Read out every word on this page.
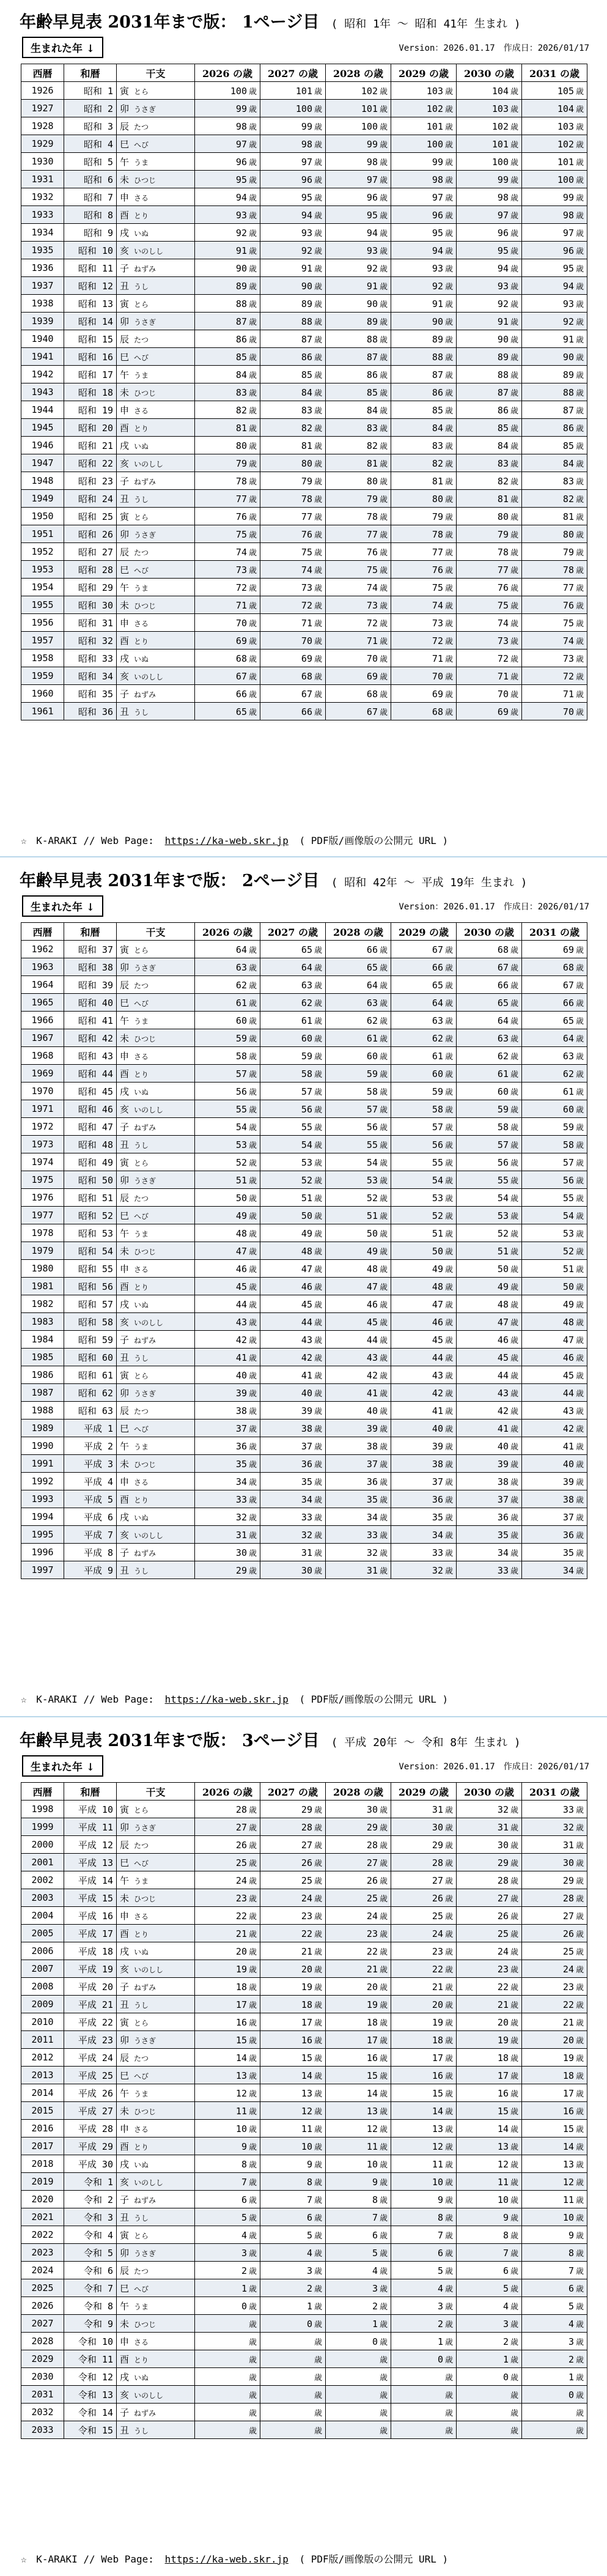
年齢早見表 2031年まで版： 1ページ目 ( 昭和 1年 ～ 昭和 41年 生まれ )
生まれた年 ↓	Version：2026.01.17　作成日：2026/01/17
西暦	和暦	干支	2026 の歳	2027 の歳	2028 の歳	2029 の歳	2030 の歳	2031 の歳
1926	昭和 1	寅 とら	100 歳	101 歳	102 歳	103 歳	104 歳	105 歳
1927	昭和 2	卯 うさぎ	99 歳	100 歳	101 歳	102 歳	103 歳	104 歳
1928	昭和 3	辰 たつ	98 歳	99 歳	100 歳	101 歳	102 歳	103 歳
1929	昭和 4	巳 へび	97 歳	98 歳	99 歳	100 歳	101 歳	102 歳
1930	昭和 5	午 うま	96 歳	97 歳	98 歳	99 歳	100 歳	101 歳
1931	昭和 6	未 ひつじ	95 歳	96 歳	97 歳	98 歳	99 歳	100 歳
1932	昭和 7	申 さる	94 歳	95 歳	96 歳	97 歳	98 歳	99 歳
1933	昭和 8	酉 とり	93 歳	94 歳	95 歳	96 歳	97 歳	98 歳
1934	昭和 9	戌 いぬ	92 歳	93 歳	94 歳	95 歳	96 歳	97 歳
1935	昭和 10	亥 いのしし	91 歳	92 歳	93 歳	94 歳	95 歳	96 歳
1936	昭和 11	子 ねずみ	90 歳	91 歳	92 歳	93 歳	94 歳	95 歳
1937	昭和 12	丑 うし	89 歳	90 歳	91 歳	92 歳	93 歳	94 歳
1938	昭和 13	寅 とら	88 歳	89 歳	90 歳	91 歳	92 歳	93 歳
1939	昭和 14	卯 うさぎ	87 歳	88 歳	89 歳	90 歳	91 歳	92 歳
1940	昭和 15	辰 たつ	86 歳	87 歳	88 歳	89 歳	90 歳	91 歳
1941	昭和 16	巳 へび	85 歳	86 歳	87 歳	88 歳	89 歳	90 歳
1942	昭和 17	午 うま	84 歳	85 歳	86 歳	87 歳	88 歳	89 歳
1943	昭和 18	未 ひつじ	83 歳	84 歳	85 歳	86 歳	87 歳	88 歳
1944	昭和 19	申 さる	82 歳	83 歳	84 歳	85 歳	86 歳	87 歳
1945	昭和 20	酉 とり	81 歳	82 歳	83 歳	84 歳	85 歳	86 歳
1946	昭和 21	戌 いぬ	80 歳	81 歳	82 歳	83 歳	84 歳	85 歳
1947	昭和 22	亥 いのしし	79 歳	80 歳	81 歳	82 歳	83 歳	84 歳
1948	昭和 23	子 ねずみ	78 歳	79 歳	80 歳	81 歳	82 歳	83 歳
1949	昭和 24	丑 うし	77 歳	78 歳	79 歳	80 歳	81 歳	82 歳
1950	昭和 25	寅 とら	76 歳	77 歳	78 歳	79 歳	80 歳	81 歳
1951	昭和 26	卯 うさぎ	75 歳	76 歳	77 歳	78 歳	79 歳	80 歳
1952	昭和 27	辰 たつ	74 歳	75 歳	76 歳	77 歳	78 歳	79 歳
1953	昭和 28	巳 へび	73 歳	74 歳	75 歳	76 歳	77 歳	78 歳
1954	昭和 29	午 うま	72 歳	73 歳	74 歳	75 歳	76 歳	77 歳
1955	昭和 30	未 ひつじ	71 歳	72 歳	73 歳	74 歳	75 歳	76 歳
1956	昭和 31	申 さる	70 歳	71 歳	72 歳	73 歳	74 歳	75 歳
1957	昭和 32	酉 とり	69 歳	70 歳	71 歳	72 歳	73 歳	74 歳
1958	昭和 33	戌 いぬ	68 歳	69 歳	70 歳	71 歳	72 歳	73 歳
1959	昭和 34	亥 いのしし	67 歳	68 歳	69 歳	70 歳	71 歳	72 歳
1960	昭和 35	子 ねずみ	66 歳	67 歳	68 歳	69 歳	70 歳	71 歳
1961	昭和 36	丑 うし	65 歳	66 歳	67 歳	68 歳	69 歳	70 歳
☆ K-ARAKI // Web Page: https://ka-web.skr.jp ( PDF版/画像版の公開元 URL )
年齢早見表 2031年まで版： 2ページ目 ( 昭和 42年 ～ 平成 19年 生まれ )
生まれた年 ↓	Version：2026.01.17　作成日：2026/01/17
西暦	和暦	干支	2026 の歳	2027 の歳	2028 の歳	2029 の歳	2030 の歳	2031 の歳
1962	昭和 37	寅 とら	64 歳	65 歳	66 歳	67 歳	68 歳	69 歳
1963	昭和 38	卯 うさぎ	63 歳	64 歳	65 歳	66 歳	67 歳	68 歳
1964	昭和 39	辰 たつ	62 歳	63 歳	64 歳	65 歳	66 歳	67 歳
1965	昭和 40	巳 へび	61 歳	62 歳	63 歳	64 歳	65 歳	66 歳
1966	昭和 41	午 うま	60 歳	61 歳	62 歳	63 歳	64 歳	65 歳
1967	昭和 42	未 ひつじ	59 歳	60 歳	61 歳	62 歳	63 歳	64 歳
1968	昭和 43	申 さる	58 歳	59 歳	60 歳	61 歳	62 歳	63 歳
1969	昭和 44	酉 とり	57 歳	58 歳	59 歳	60 歳	61 歳	62 歳
1970	昭和 45	戌 いぬ	56 歳	57 歳	58 歳	59 歳	60 歳	61 歳
1971	昭和 46	亥 いのしし	55 歳	56 歳	57 歳	58 歳	59 歳	60 歳
1972	昭和 47	子 ねずみ	54 歳	55 歳	56 歳	57 歳	58 歳	59 歳
1973	昭和 48	丑 うし	53 歳	54 歳	55 歳	56 歳	57 歳	58 歳
1974	昭和 49	寅 とら	52 歳	53 歳	54 歳	55 歳	56 歳	57 歳
1975	昭和 50	卯 うさぎ	51 歳	52 歳	53 歳	54 歳	55 歳	56 歳
1976	昭和 51	辰 たつ	50 歳	51 歳	52 歳	53 歳	54 歳	55 歳
1977	昭和 52	巳 へび	49 歳	50 歳	51 歳	52 歳	53 歳	54 歳
1978	昭和 53	午 うま	48 歳	49 歳	50 歳	51 歳	52 歳	53 歳
1979	昭和 54	未 ひつじ	47 歳	48 歳	49 歳	50 歳	51 歳	52 歳
1980	昭和 55	申 さる	46 歳	47 歳	48 歳	49 歳	50 歳	51 歳
1981	昭和 56	酉 とり	45 歳	46 歳	47 歳	48 歳	49 歳	50 歳
1982	昭和 57	戌 いぬ	44 歳	45 歳	46 歳	47 歳	48 歳	49 歳
1983	昭和 58	亥 いのしし	43 歳	44 歳	45 歳	46 歳	47 歳	48 歳
1984	昭和 59	子 ねずみ	42 歳	43 歳	44 歳	45 歳	46 歳	47 歳
1985	昭和 60	丑 うし	41 歳	42 歳	43 歳	44 歳	45 歳	46 歳
1986	昭和 61	寅 とら	40 歳	41 歳	42 歳	43 歳	44 歳	45 歳
1987	昭和 62	卯 うさぎ	39 歳	40 歳	41 歳	42 歳	43 歳	44 歳
1988	昭和 63	辰 たつ	38 歳	39 歳	40 歳	41 歳	42 歳	43 歳
1989	平成 1	巳 へび	37 歳	38 歳	39 歳	40 歳	41 歳	42 歳
1990	平成 2	午 うま	36 歳	37 歳	38 歳	39 歳	40 歳	41 歳
1991	平成 3	未 ひつじ	35 歳	36 歳	37 歳	38 歳	39 歳	40 歳
1992	平成 4	申 さる	34 歳	35 歳	36 歳	37 歳	38 歳	39 歳
1993	平成 5	酉 とり	33 歳	34 歳	35 歳	36 歳	37 歳	38 歳
1994	平成 6	戌 いぬ	32 歳	33 歳	34 歳	35 歳	36 歳	37 歳
1995	平成 7	亥 いのしし	31 歳	32 歳	33 歳	34 歳	35 歳	36 歳
1996	平成 8	子 ねずみ	30 歳	31 歳	32 歳	33 歳	34 歳	35 歳
1997	平成 9	丑 うし	29 歳	30 歳	31 歳	32 歳	33 歳	34 歳
☆ K-ARAKI // Web Page: https://ka-web.skr.jp ( PDF版/画像版の公開元 URL )
年齢早見表 2031年まで版： 3ページ目 ( 平成 20年 ～ 令和 8年 生まれ )
生まれた年 ↓	Version：2026.01.17　作成日：2026/01/17
西暦	和暦	干支	2026 の歳	2027 の歳	2028 の歳	2029 の歳	2030 の歳	2031 の歳
1998	平成 10	寅 とら	28 歳	29 歳	30 歳	31 歳	32 歳	33 歳
1999	平成 11	卯 うさぎ	27 歳	28 歳	29 歳	30 歳	31 歳	32 歳
2000	平成 12	辰 たつ	26 歳	27 歳	28 歳	29 歳	30 歳	31 歳
2001	平成 13	巳 へび	25 歳	26 歳	27 歳	28 歳	29 歳	30 歳
2002	平成 14	午 うま	24 歳	25 歳	26 歳	27 歳	28 歳	29 歳
2003	平成 15	未 ひつじ	23 歳	24 歳	25 歳	26 歳	27 歳	28 歳
2004	平成 16	申 さる	22 歳	23 歳	24 歳	25 歳	26 歳	27 歳
2005	平成 17	酉 とり	21 歳	22 歳	23 歳	24 歳	25 歳	26 歳
2006	平成 18	戌 いぬ	20 歳	21 歳	22 歳	23 歳	24 歳	25 歳
2007	平成 19	亥 いのしし	19 歳	20 歳	21 歳	22 歳	23 歳	24 歳
2008	平成 20	子 ねずみ	18 歳	19 歳	20 歳	21 歳	22 歳	23 歳
2009	平成 21	丑 うし	17 歳	18 歳	19 歳	20 歳	21 歳	22 歳
2010	平成 22	寅 とら	16 歳	17 歳	18 歳	19 歳	20 歳	21 歳
2011	平成 23	卯 うさぎ	15 歳	16 歳	17 歳	18 歳	19 歳	20 歳
2012	平成 24	辰 たつ	14 歳	15 歳	16 歳	17 歳	18 歳	19 歳
2013	平成 25	巳 へび	13 歳	14 歳	15 歳	16 歳	17 歳	18 歳
2014	平成 26	午 うま	12 歳	13 歳	14 歳	15 歳	16 歳	17 歳
2015	平成 27	未 ひつじ	11 歳	12 歳	13 歳	14 歳	15 歳	16 歳
2016	平成 28	申 さる	10 歳	11 歳	12 歳	13 歳	14 歳	15 歳
2017	平成 29	酉 とり	9 歳	10 歳	11 歳	12 歳	13 歳	14 歳
2018	平成 30	戌 いぬ	8 歳	9 歳	10 歳	11 歳	12 歳	13 歳
2019	令和 1	亥 いのしし	7 歳	8 歳	9 歳	10 歳	11 歳	12 歳
2020	令和 2	子 ねずみ	6 歳	7 歳	8 歳	9 歳	10 歳	11 歳
2021	令和 3	丑 うし	5 歳	6 歳	7 歳	8 歳	9 歳	10 歳
2022	令和 4	寅 とら	4 歳	5 歳	6 歳	7 歳	8 歳	9 歳
2023	令和 5	卯 うさぎ	3 歳	4 歳	5 歳	6 歳	7 歳	8 歳
2024	令和 6	辰 たつ	2 歳	3 歳	4 歳	5 歳	6 歳	7 歳
2025	令和 7	巳 へび	1 歳	2 歳	3 歳	4 歳	5 歳	6 歳
2026	令和 8	午 うま	0 歳	1 歳	2 歳	3 歳	4 歳	5 歳
2027	令和 9	未 ひつじ	歳	0 歳	1 歳	2 歳	3 歳	4 歳
2028	令和 10	申 さる	歳	歳	0 歳	1 歳	2 歳	3 歳
2029	令和 11	酉 とり	歳	歳	歳	0 歳	1 歳	2 歳
2030	令和 12	戌 いぬ	歳	歳	歳	歳	0 歳	1 歳
2031	令和 13	亥 いのしし	歳	歳	歳	歳	歳	0 歳
2032	令和 14	子 ねずみ	歳	歳	歳	歳	歳	歳
2033	令和 15	丑 うし	歳	歳	歳	歳	歳	歳
☆ K-ARAKI // Web Page: https://ka-web.skr.jp ( PDF版/画像版の公開元 URL )
